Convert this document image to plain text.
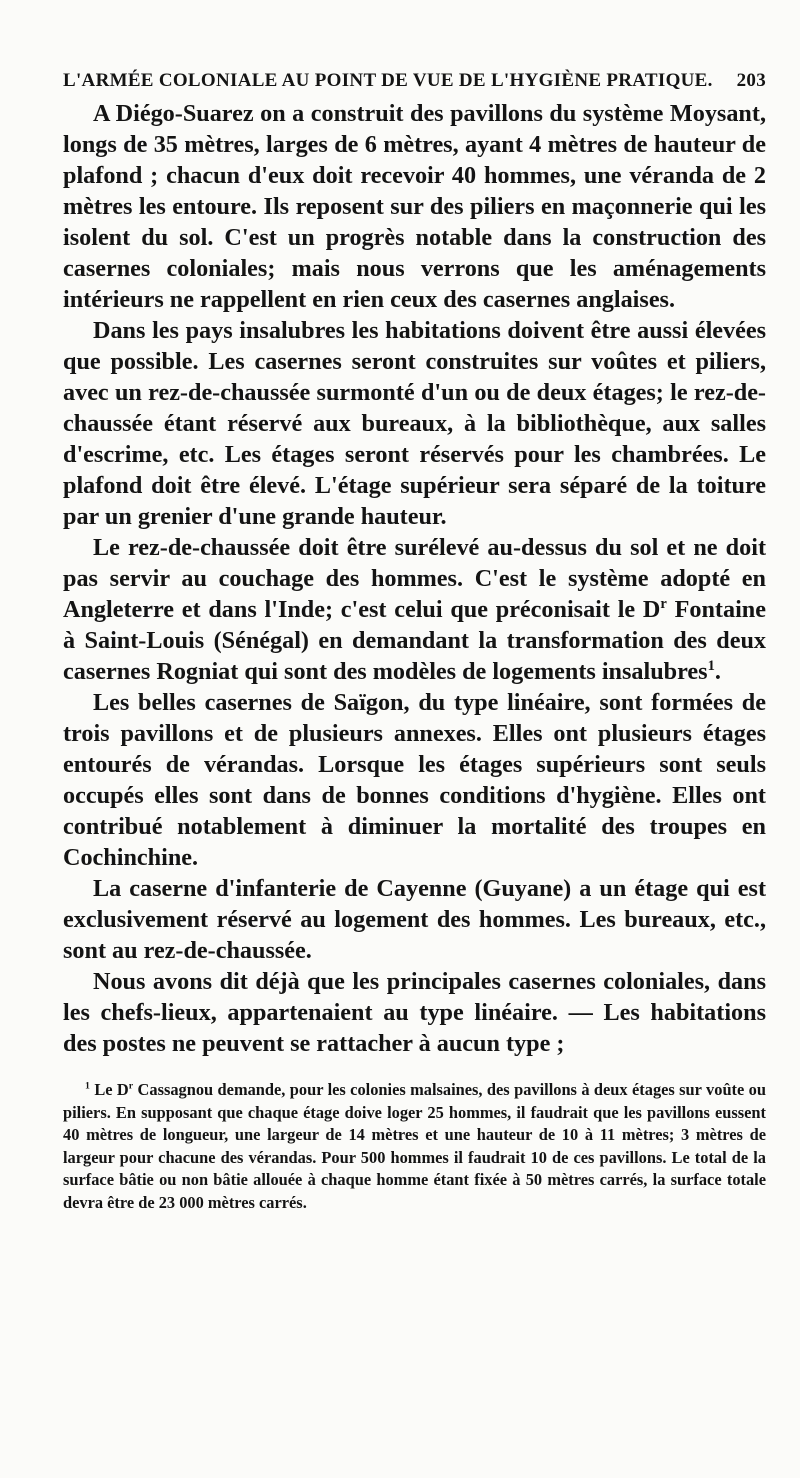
L'ARMÉE COLONIALE AU POINT DE VUE DE L'HYGIÈNE PRATIQUE. 203

A Diégo-Suarez on a construit des pavillons du système Moysant, longs de 35 mètres, larges de 6 mètres, ayant 4 mètres de hauteur de plafond ; chacun d'eux doit recevoir 40 hommes, une véranda de 2 mètres les entoure. Ils reposent sur des piliers en maçonnerie qui les isolent du sol. C'est un progrès notable dans la construction des casernes coloniales; mais nous verrons que les aménagements intérieurs ne rappellent en rien ceux des casernes anglaises.

Dans les pays insalubres les habitations doivent être aussi élevées que possible. Les casernes seront construites sur voûtes et piliers, avec un rez-de-chaussée surmonté d'un ou de deux étages; le rez-de-chaussée étant réservé aux bureaux, à la bibliothèque, aux salles d'escrime, etc. Les étages seront réservés pour les chambrées. Le plafond doit être élevé. L'étage supérieur sera séparé de la toiture par un grenier d'une grande hauteur.

Le rez-de-chaussée doit être surélevé au-dessus du sol et ne doit pas servir au couchage des hommes. C'est le système adopté en Angleterre et dans l'Inde; c'est celui que préconisait le $D^r$ Fontaine à Saint-Louis (Sénégal) en demandant la transformation des deux casernes Rogniat qui sont des modèles de logements insalubres$^1$.

Les belles casernes de Saïgon, du type linéaire, sont formées de trois pavillons et de plusieurs annexes. Elles ont plusieurs étages entourés de vérandas. Lorsque les étages supérieurs sont seuls occupés elles sont dans de bonnes conditions d'hygiène. Elles ont contribué notablement à diminuer la mortalité des troupes en Cochinchine.

La caserne d'infanterie de Cayenne (Guyane) a un étage qui est exclusivement réservé au logement des hommes. Les bureaux, etc., sont au rez-de-chaussée.

Nous avons dit déjà que les principales casernes coloniales, dans les chefs-lieux, appartenaient au type linéaire. — Les habitations des postes ne peuvent se rattacher à aucun type ;

$^1$ Le $D^r$ Cassagnou demande, pour les colonies malsaines, des pavillons à deux étages sur voûte ou piliers. En supposant que chaque étage doive loger 25 hommes, il faudrait que les pavillons eussent 40 mètres de longueur, une largeur de 14 mètres et une hauteur de 10 à 11 mètres; 3 mètres de largeur pour chacune des vérandas. Pour 500 hommes il faudrait 10 de ces pavillons. Le total de la surface bâtie ou non bâtie allouée à chaque homme étant fixée à 50 mètres carrés, la surface totale devra être de 23 000 mètres carrés.
